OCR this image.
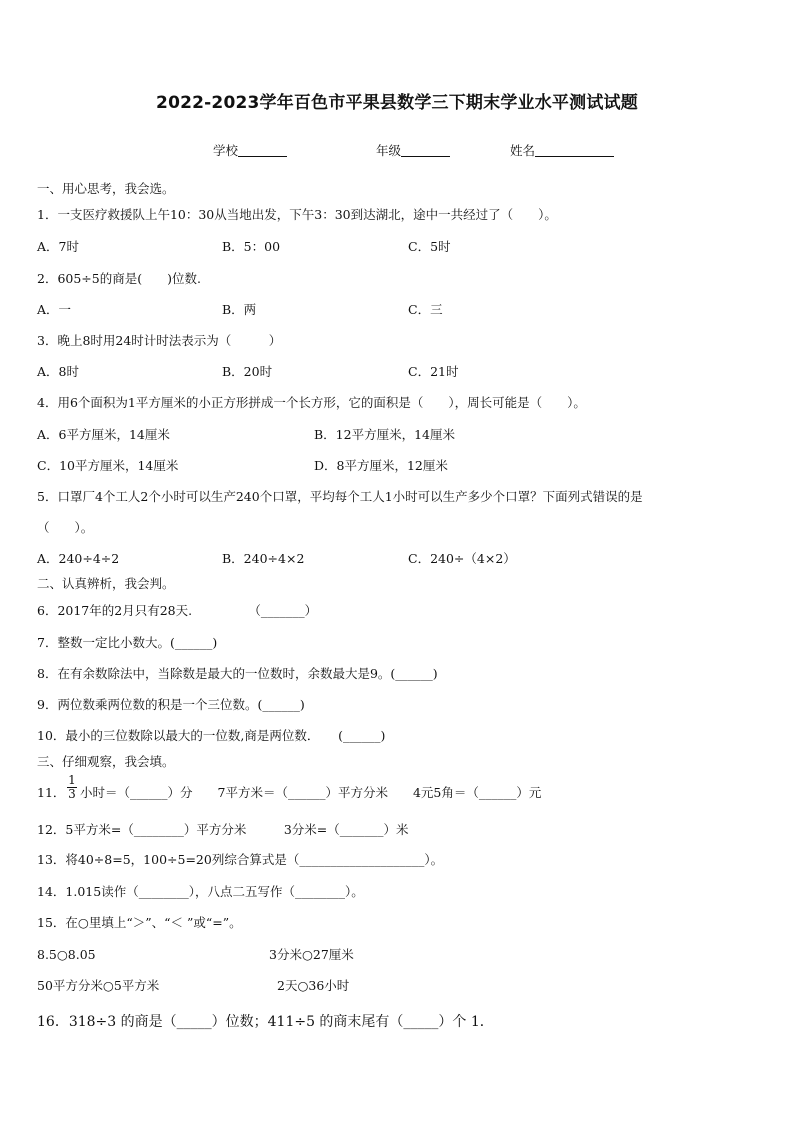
2022-2023学年百色市平果县数学三下期末学业水平测试试题
学校	年级	姓名
一、用心思考，我会选。
1．一支医疗救援队上午10：30从当地出发，下午3：30到达湖北，途中一共经过了（　　）。
A．7时	B．5：00	C．5时
2．605÷5的商是(　　)位数.
A．一	B．两	C．三
3．晚上8时用24时计时法表示为（　　　）
A．8时	B．20时	C．21时
4．用6个面积为1平方厘米的小正方形拼成一个长方形，它的面积是（　　），周长可能是（　　）。
A．6平方厘米，14厘米	B．12平方厘米，14厘米
C．10平方厘米，14厘米	D．8平方厘米，12厘米
5．口罩厂4个工人2个小时可以生产240个口罩，平均每个工人1小时可以生产多少个口罩？下面列式错误的是
（　　）。
A．240÷4÷2	B．240÷4×2	C．240÷（4×2）
二、认真辨析，我会判。
6．2017年的2月只有28天.　　　　　（_______）
7．整数一定比小数大。(______)
8．在有余数除法中，当除数是最大的一位数时，余数最大是9。(______)
9．两位数乘两位数的积是一个三位数。(______)
10．最小的三位数除以最大的一位数,商是两位数．　　(______)
三、仔细观察，我会填。
11． $\frac{1}{3}$ 小时＝（______）分　　7平方米＝（______）平方分米　　4元5角＝（______）元
12．5平方米=（________）平方分米　　　3分米=（_______）米
13．将40÷8=5，100÷5=20列综合算式是（____________________）。
14．1.015读作（________），八点二五写作（________）。
15．在○里填上“＞”、“＜ ”或“=”。
8.5○8.05	3分米○27厘米
50平方分米○5平方米	2天○36小时
16．318÷3 的商是（_____）位数；411÷5 的商末尾有（_____）个 1．
